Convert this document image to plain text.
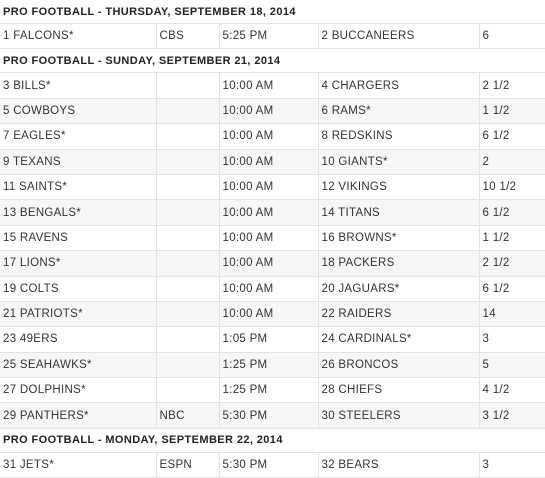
PRO FOOTBALL - THURSDAY, SEPTEMBER 18, 2014				
1 FALCONS*	CBS	5:25 PM	2 BUCCANEERS	6
PRO FOOTBALL - SUNDAY, SEPTEMBER 21, 2014				
3 BILLS*		10:00 AM	4 CHARGERS	2 1/2
5 COWBOYS		10:00 AM	6 RAMS*	1 1/2
7 EAGLES*		10:00 AM	8 REDSKINS	6 1/2
9 TEXANS		10:00 AM	10 GIANTS*	2
11 SAINTS*		10:00 AM	12 VIKINGS	10 1/2
13 BENGALS*		10:00 AM	14 TITANS	6 1/2
15 RAVENS		10:00 AM	16 BROWNS*	1 1/2
17 LIONS*		10:00 AM	18 PACKERS	2 1/2
19 COLTS		10:00 AM	20 JAGUARS*	6 1/2
21 PATRIOTS*		10:00 AM	22 RAIDERS	14
23 49ERS		1:05 PM	24 CARDINALS*	3
25 SEAHAWKS*		1:25 PM	26 BRONCOS	5
27 DOLPHINS*		1:25 PM	28 CHIEFS	4 1/2
29 PANTHERS*	NBC	5:30 PM	30 STEELERS	3 1/2
PRO FOOTBALL - MONDAY, SEPTEMBER 22, 2014				
31 JETS*	ESPN	5:30 PM	32 BEARS	3
